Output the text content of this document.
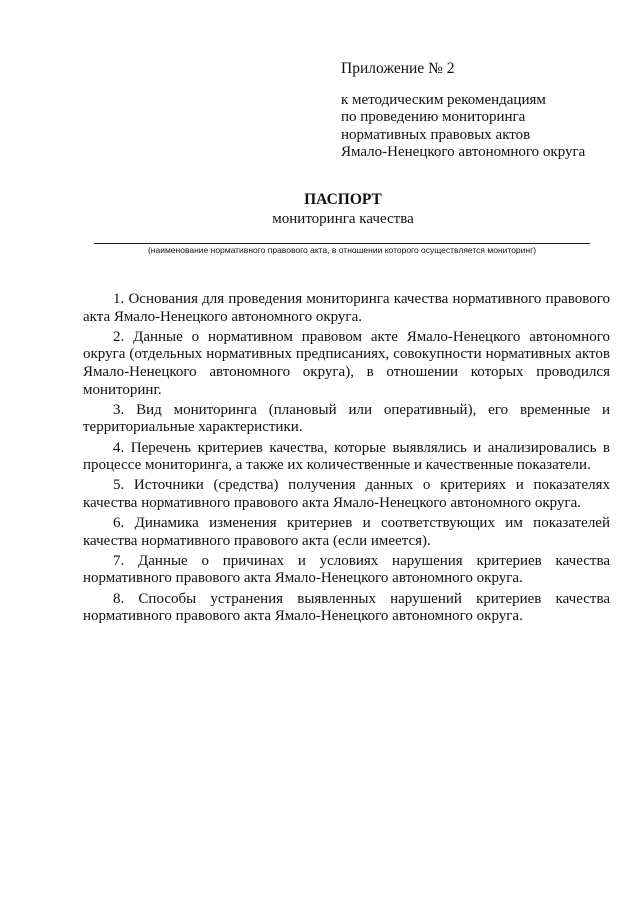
Приложение № 2
к методическим рекомендациям
по проведению мониторинга
нормативных правовых актов
Ямало-Ненецкого автономного округа
ПАСПОРТ
мониторинга качества
(наименование нормативного правового акта, в отношении которого осуществляется мониторинг)

1. Основания для проведения мониторинга качества нормативного правового акта Ямало-Ненецкого автономного округа.

2. Данные о нормативном правовом акте Ямало-Ненецкого автономного округа (отдельных нормативных предписаниях, совокупности нормативных актов Ямало-Ненецкого автономного округа), в отношении которых проводился мониторинг.

3. Вид мониторинга (плановый или оперативный), его временные и территориальные характеристики.

4. Перечень критериев качества, которые выявлялись и анализировались в процессе мониторинга, а также их количественные и качественные показатели.

5. Источники (средства) получения данных о критериях и показателях качества нормативного правового акта Ямало-Ненецкого автономного округа.

6. Динамика изменения критериев и соответствующих им показателей качества нормативного правового акта (если имеется).

7. Данные о причинах и условиях нарушения критериев качества нормативного правового акта Ямало-Ненецкого автономного округа.

8. Способы устранения выявленных нарушений критериев качества нормативного правового акта Ямало-Ненецкого автономного округа.
